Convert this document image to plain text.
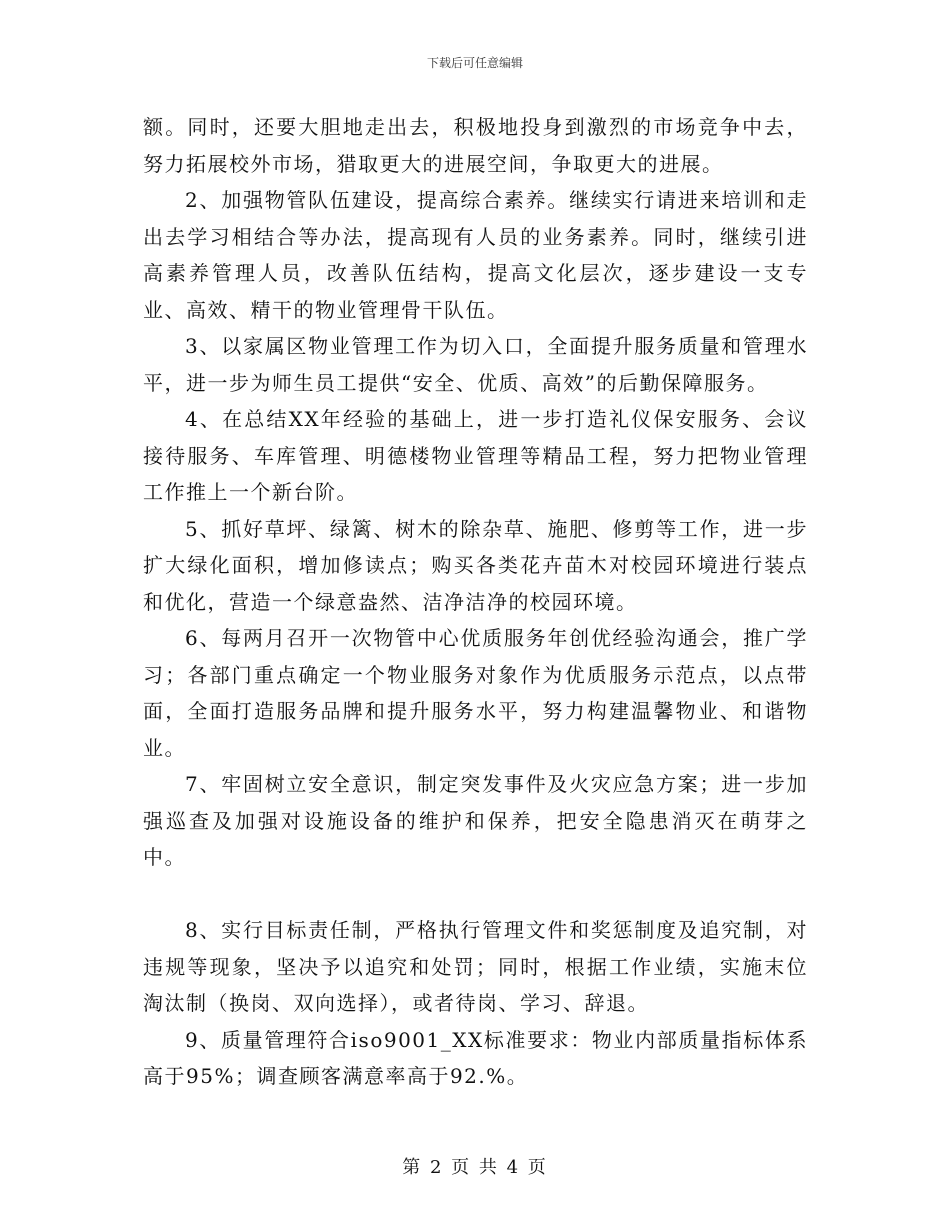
下载后可任意编辑

额。同时，还要大胆地走出去，积极地投身到激烈的市场竞争中去，努力拓展校外市场，猎取更大的进展空间，争取更大的进展。

2、加强物管队伍建设，提高综合素养。继续实行请进来培训和走出去学习相结合等办法，提高现有人员的业务素养。同时，继续引进高素养管理人员，改善队伍结构，提高文化层次，逐步建设一支专业、高效、精干的物业管理骨干队伍。

3、以家属区物业管理工作为切入口，全面提升服务质量和管理水平，进一步为师生员工提供“安全、优质、高效”的后勤保障服务。

4、在总结XX年经验的基础上，进一步打造礼仪保安服务、会议接待服务、车库管理、明德楼物业管理等精品工程，努力把物业管理工作推上一个新台阶。

5、抓好草坪、绿篱、树木的除杂草、施肥、修剪等工作，进一步扩大绿化面积，增加修读点；购买各类花卉苗木对校园环境进行装点和优化，营造一个绿意盎然、洁净洁净的校园环境。

6、每两月召开一次物管中心优质服务年创优经验沟通会，推广学习；各部门重点确定一个物业服务对象作为优质服务示范点，以点带面，全面打造服务品牌和提升服务水平，努力构建温馨物业、和谐物业。

7、牢固树立安全意识，制定突发事件及火灾应急方案；进一步加强巡查及加强对设施设备的维护和保养，把安全隐患消灭在萌芽之中。

8、实行目标责任制，严格执行管理文件和奖惩制度及追究制，对违规等现象，坚决予以追究和处罚；同时，根据工作业绩，实施末位淘汰制（换岗、双向选择），或者待岗、学习、辞退。

9、质量管理符合iso9001_XX标准要求：物业内部质量指标体系高于95%；调查顾客满意率高于92.%。

第 2 页 共 4 页
